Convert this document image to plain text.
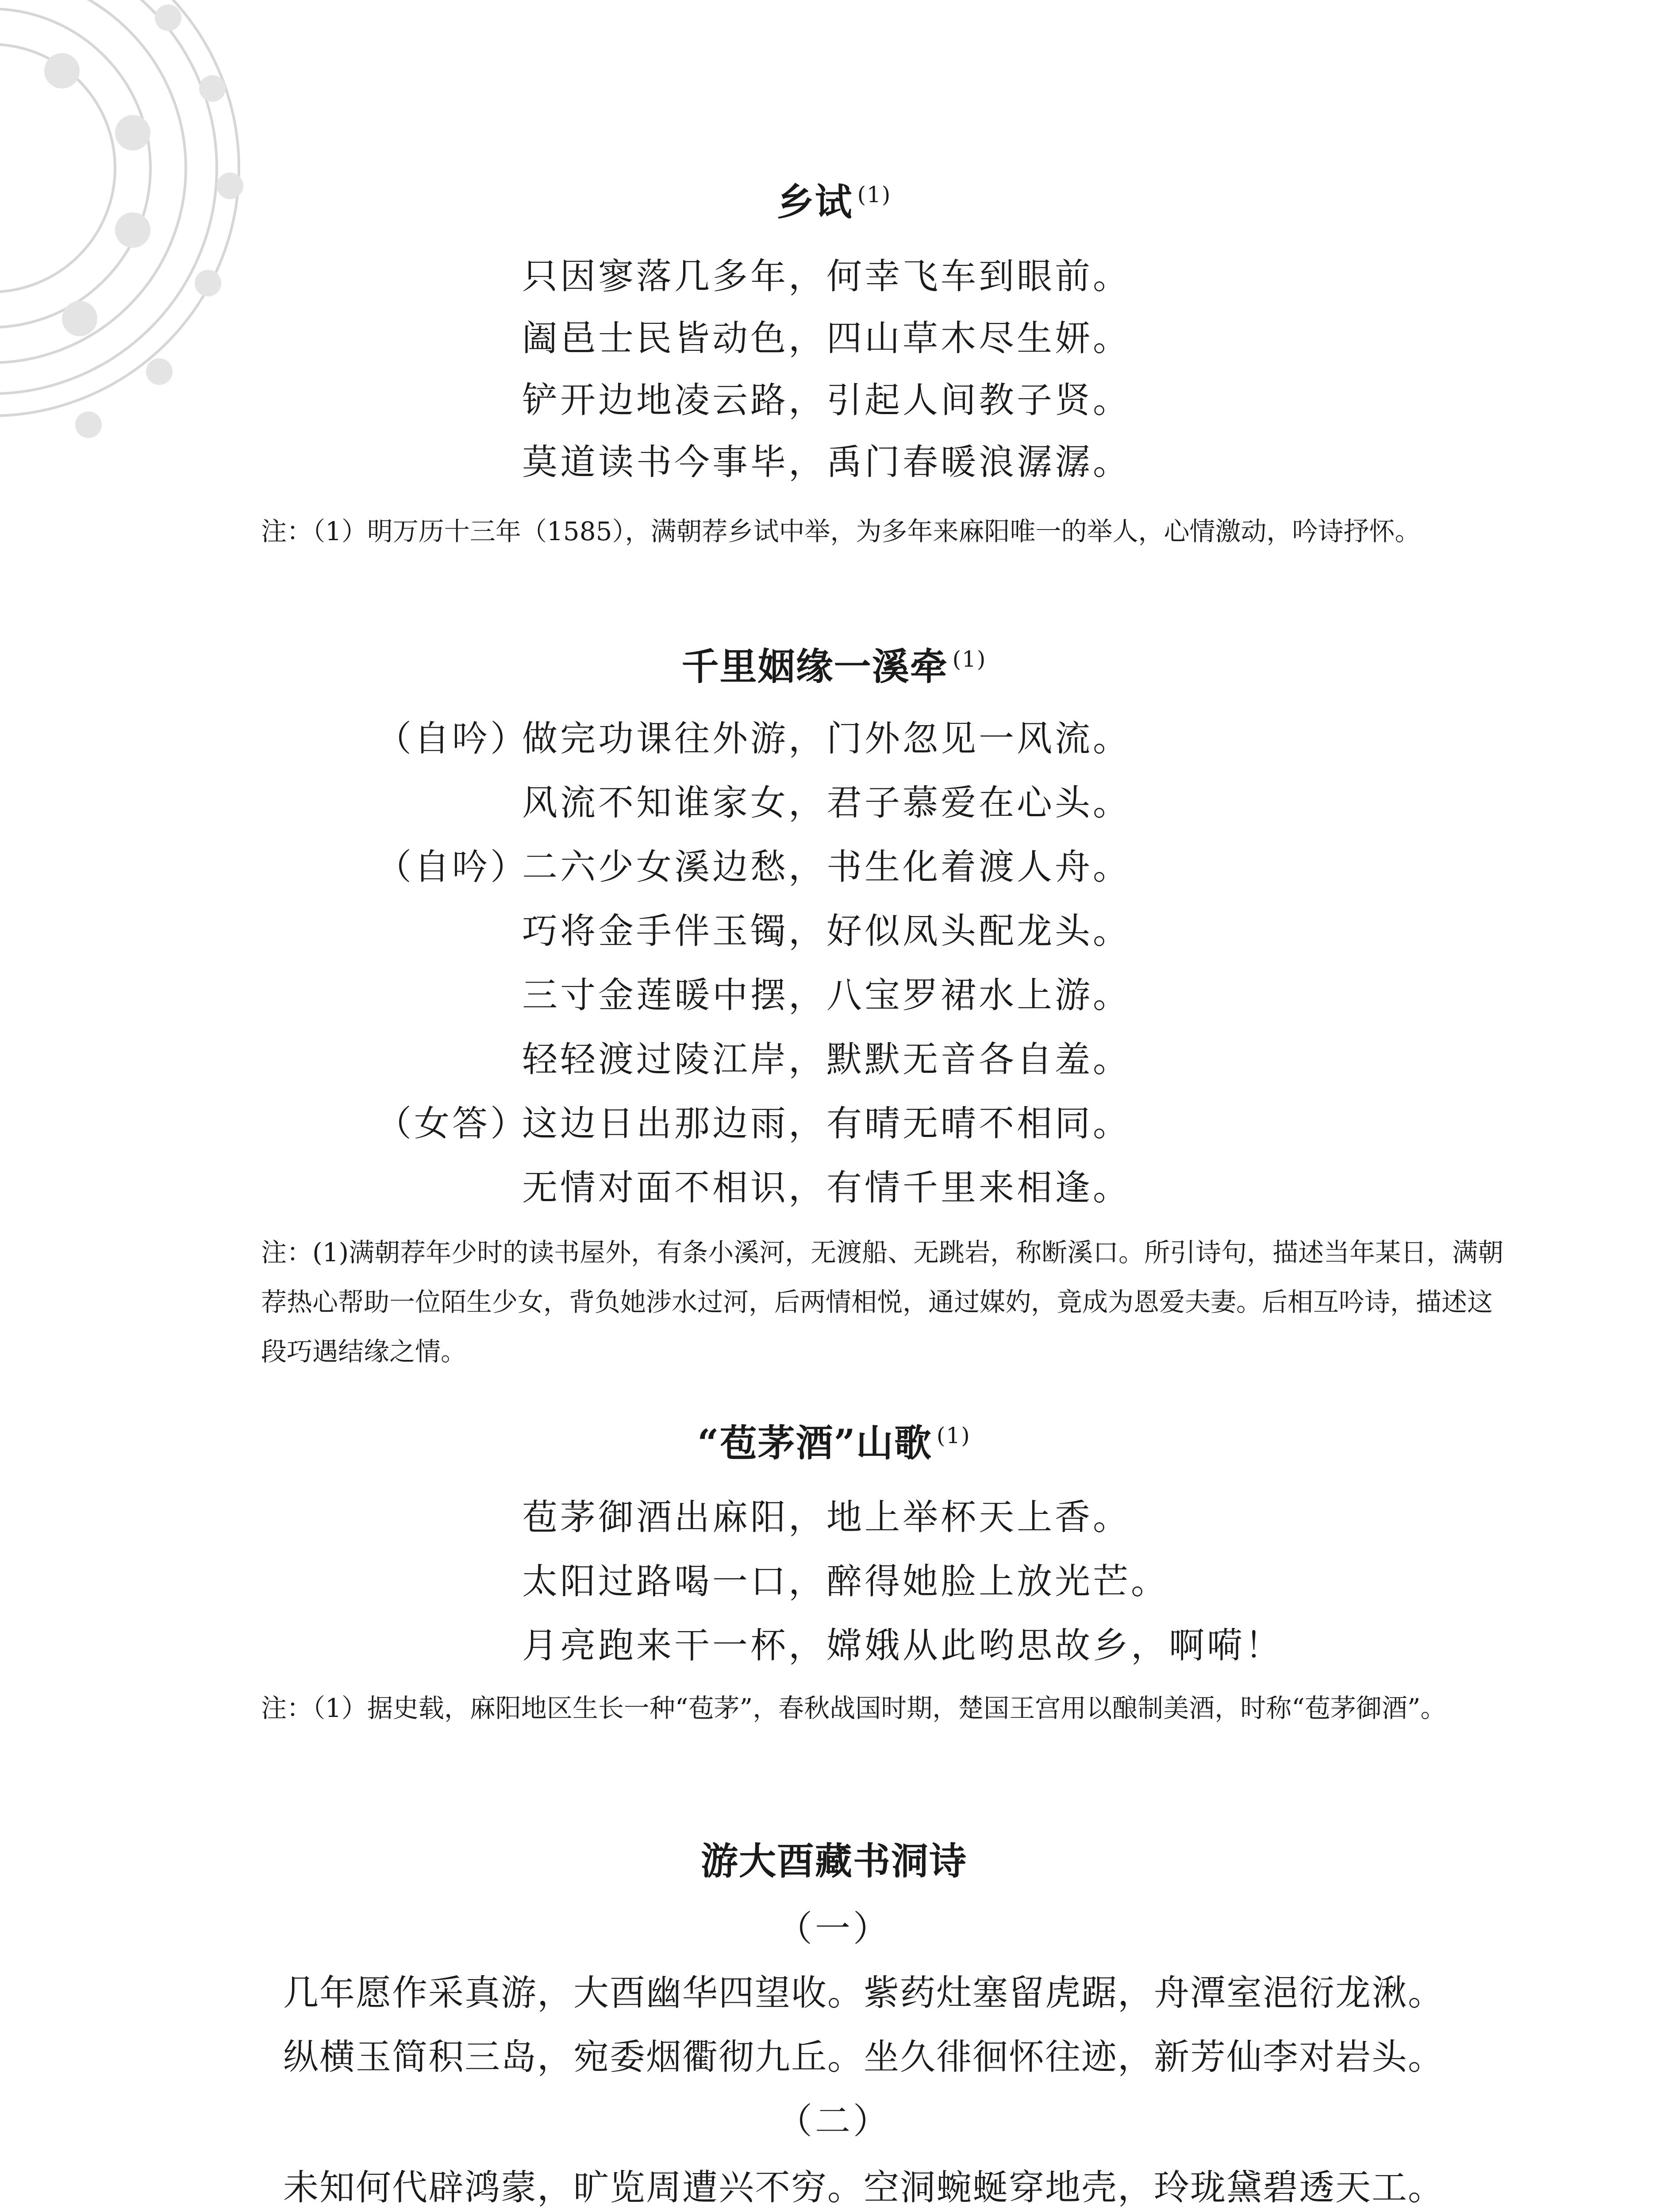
乡试 $^{(1)}$
只因寥落几多年，何幸飞车到眼前。
阖邑士民皆动色，四山草木尽生妍。
铲开边地凌云路，引起人间教子贤。
莫道读书今事毕，禹门春暖浪潺潺。
注：（1）明万历十三年（1585），满朝荐乡试中举，为多年来麻阳唯一的举人，心情激动，吟诗抒怀。
千里姻缘一溪牵 $^{(1)}$
（自吟）做完功课往外游，门外忽见一风流。
风流不知谁家女，君子慕爱在心头。
（自吟）二六少女溪边愁，书生化着渡人舟。
巧将金手伴玉镯，好似凤头配龙头。
三寸金莲暖中摆，八宝罗裙水上游。
轻轻渡过陵江岸，默默无音各自羞。
（女答）这边日出那边雨，有晴无晴不相同。
无情对面不相识，有情千里来相逢。
注：(1)满朝荐年少时的读书屋外，有条小溪河，无渡船、无跳岩，称断溪口。所引诗句，描述当年某日，满朝荐热心帮助一位陌生少女，背负她涉水过河，后两情相悦，通过媒妁，竟成为恩爱夫妻。后相互吟诗，描述这段巧遇结缘之情。
“苞茅酒”山歌 $^{(1)}$
苞茅御酒出麻阳，地上举杯天上香。
太阳过路喝一口，醉得她脸上放光芒。
月亮跑来干一杯，嫦娥从此哟思故乡，啊嗬！
注：（1）据史载，麻阳地区生长一种“苞茅”，春秋战国时期，楚国王宫用以酿制美酒，时称“苞茅御酒”。
游大酉藏书洞诗
（一）
几年愿作采真游，大酉幽华四望收。紫药灶塞留虎踞，舟潭室浥衍龙湫。
纵横玉简积三岛，宛委烟衢彻九丘。坐久徘徊怀往迹，新芳仙李对岩头。
（二）
未知何代辟鸿蒙，旷览周遭兴不穷。空洞蜿蜒穿地壳，玲珑黛碧透天工。
